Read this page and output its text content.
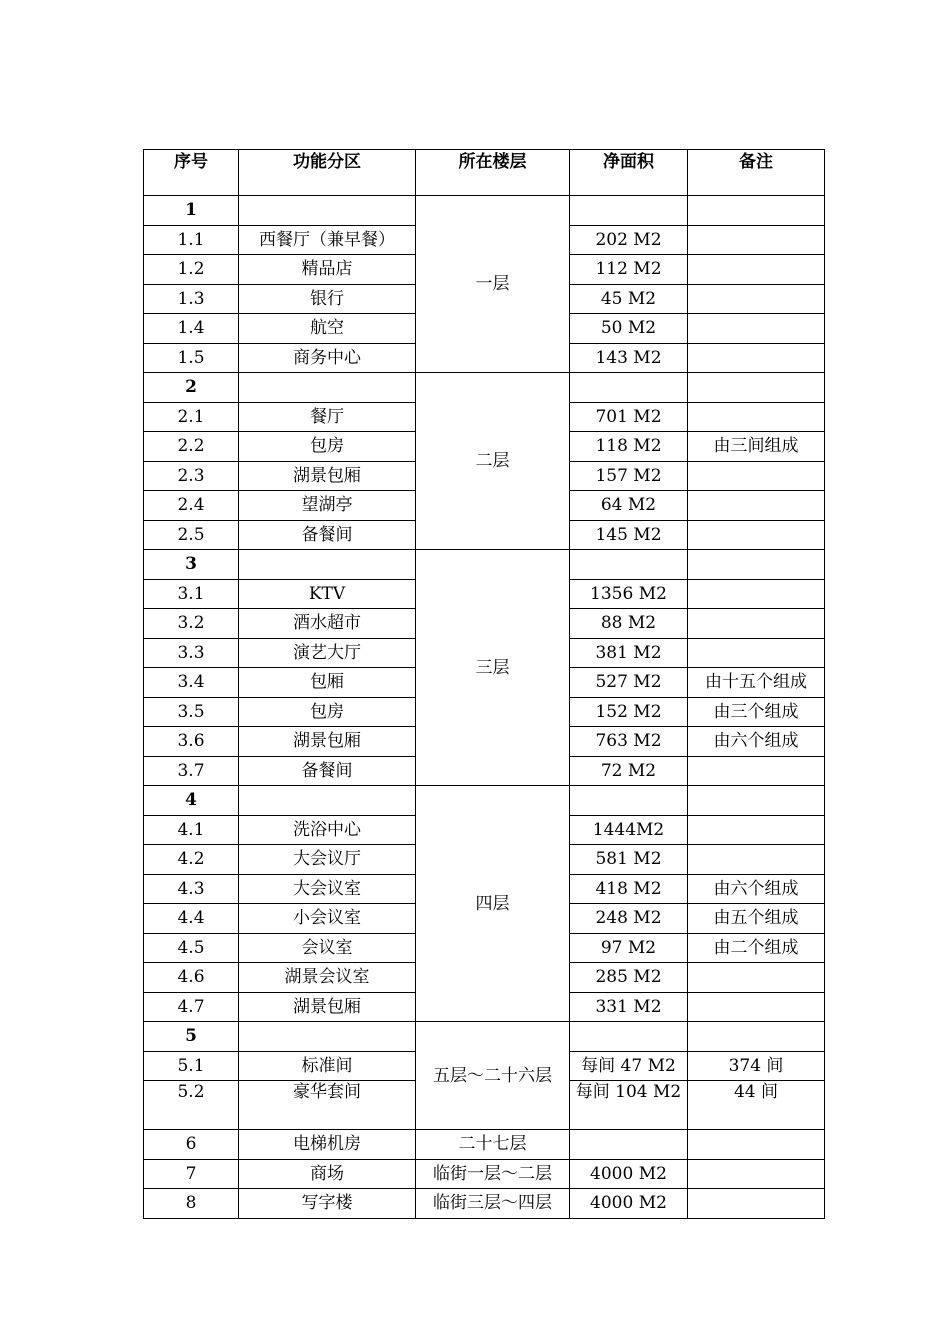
序号	功能分区	所在楼层	净面积	备注
1		一层		
1.1	西餐厅（兼早餐）		202 M2	
1.2	精品店		112 M2	
1.3	银行		45 M2	
1.4	航空		50 M2	
1.5	商务中心		143 M2	
2		二层		
2.1	餐厅		701 M2	
2.2	包房		118 M2	由三间组成
2.3	湖景包厢		157 M2	
2.4	望湖亭		64 M2	
2.5	备餐间		145 M2	
3		三层		
3.1	KTV		1356 M2	
3.2	酒水超市		88 M2	
3.3	演艺大厅		381 M2	
3.4	包厢		527 M2	由十五个组成
3.5	包房		152 M2	由三个组成
3.6	湖景包厢		763 M2	由六个组成
3.7	备餐间		72 M2	
4		四层		
4.1	洗浴中心		1444M2	
4.2	大会议厅		581 M2	
4.3	大会议室		418 M2	由六个组成
4.4	小会议室		248 M2	由五个组成
4.5	会议室		97 M2	由二个组成
4.6	湖景会议室		285 M2	
4.7	湖景包厢		331 M2	
5		五层～二十六层		
5.1	标准间		每间 47 M2	374 间
5.2	豪华套间		每间 104 M2	44 间
6	电梯机房	二十七层		
7	商场	临街一层～二层	4000 M2	
8	写字楼	临街三层～四层	4000 M2	
